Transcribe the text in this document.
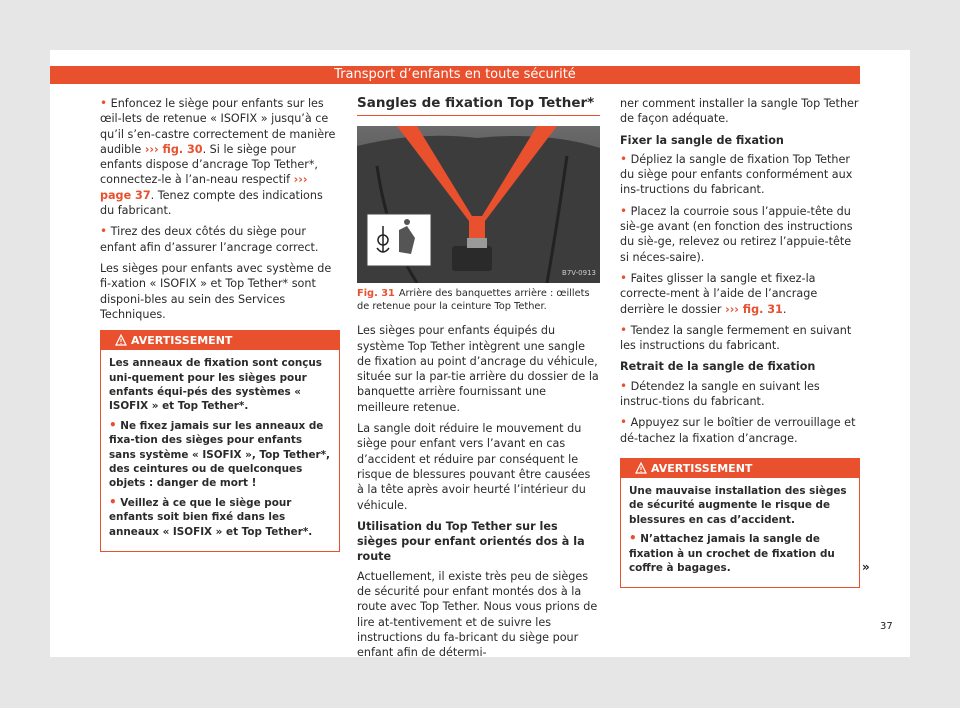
Transport d’enfants en toute sécurité

• Enfoncez le siège pour enfants sur les œil-lets de retenue « ISOFIX » jusqu’à ce qu’il s’en-castre correctement de manière audible ››› fig. 30. Si le siège pour enfants dispose d’ancrage Top Tether*, connectez-le à l’an-neau respectif ››› page 37. Tenez compte des indications du fabricant.

• Tirez des deux côtés du siège pour enfant afin d’assurer l’ancrage correct.

Les sièges pour enfants avec système de fi-xation « ISOFIX » et Top Tether* sont disponi-bles au sein des Services Techniques.

AVERTISSEMENT

Les anneaux de fixation sont conçus uni-quement pour les sièges pour enfants équi-pés des systèmes « ISOFIX » et Top Tether*.

• Ne fixez jamais sur les anneaux de fixa-tion des sièges pour enfants sans système « ISOFIX », Top Tether*, des ceintures ou de quelconques objets : danger de mort !

• Veillez à ce que le siège pour enfants soit bien fixé dans les anneaux « ISOFIX » et Top Tether*.

Sangles de fixation Top Tether*
B7V-0913
Fig. 31 Arrière des banquettes arrière : œillets de retenue pour la ceinture Top Tether.

Les sièges pour enfants équipés du système Top Tether intègrent une sangle de fixation au point d’ancrage du véhicule, située sur la par-tie arrière du dossier de la banquette arrière fournissant une meilleure retenue.

La sangle doit réduire le mouvement du siège pour enfant vers l’avant en cas d’accident et réduire par conséquent le risque de blessures pouvant être causées à la tête après avoir heurté l’intérieur du véhicule.

Utilisation du Top Tether sur les sièges pour enfant orientés dos à la route

Actuellement, il existe très peu de sièges de sécurité pour enfant montés dos à la route avec Top Tether. Nous vous prions de lire at-tentivement et de suivre les instructions du fa-bricant du siège pour enfant afin de détermi-

ner comment installer la sangle Top Tether de façon adéquate.

Fixer la sangle de fixation

• Dépliez la sangle de fixation Top Tether du siège pour enfants conformément aux ins-tructions du fabricant.

• Placez la courroie sous l’appuie-tête du siè-ge avant (en fonction des instructions du siè-ge, relevez ou retirez l’appuie-tête si néces-saire).

• Faites glisser la sangle et fixez-la correcte-ment à l’aide de l’ancrage derrière le dossier ››› fig. 31.

• Tendez la sangle fermement en suivant les instructions du fabricant.

Retrait de la sangle de fixation

• Détendez la sangle en suivant les instruc-tions du fabricant.

• Appuyez sur le boîtier de verrouillage et dé-tachez la fixation d’ancrage.

AVERTISSEMENT

Une mauvaise installation des sièges de sécurité augmente le risque de blessures en cas d’accident.

• N’attachez jamais la sangle de fixation à un crochet de fixation du coffre à bagages.	»
37
